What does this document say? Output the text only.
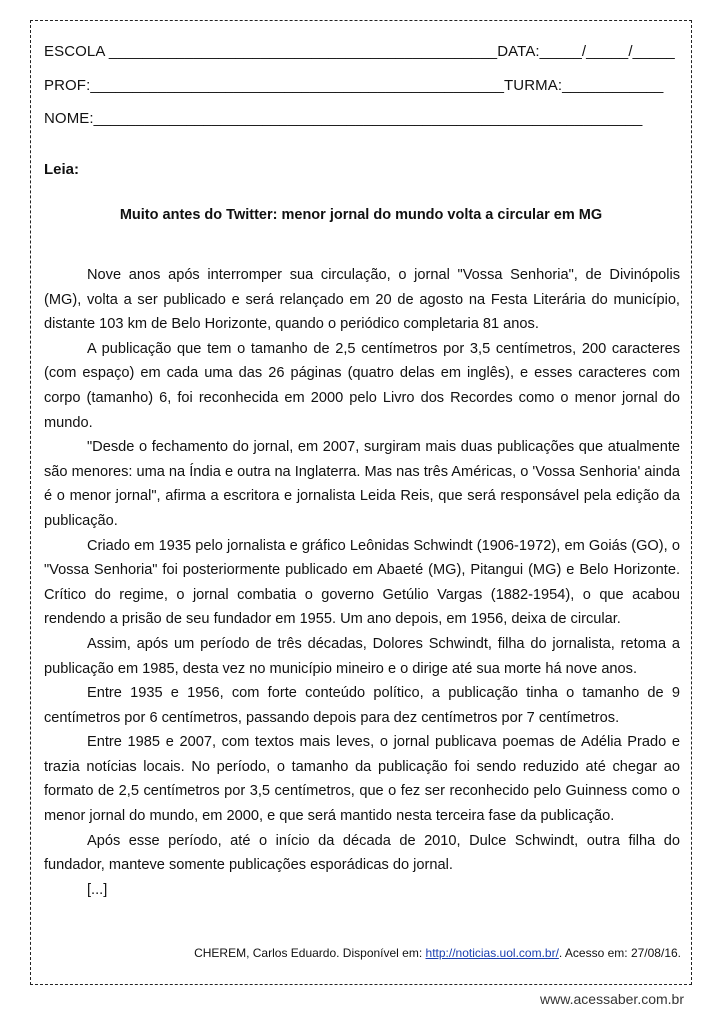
ESCOLA ______________________________________________DATA:_____/_____/_____
PROF:_________________________________________________TURMA:____________
NOME:_________________________________________________________________
Leia:
Muito antes do Twitter: menor jornal do mundo volta a circular em MG

Nove anos após interromper sua circulação, o jornal "Vossa Senhoria", de Divinópolis (MG), volta a ser publicado e será relançado em 20 de agosto na Festa Literária do município, distante 103 km de Belo Horizonte, quando o periódico completaria 81 anos.

A publicação que tem o tamanho de 2,5 centímetros por 3,5 centímetros, 200 caracteres (com espaço) em cada uma das 26 páginas (quatro delas em inglês), e esses caracteres com corpo (tamanho) 6, foi reconhecida em 2000 pelo Livro dos Recordes como o menor jornal do mundo.

"Desde o fechamento do jornal, em 2007, surgiram mais duas publicações que atualmente são menores: uma na Índia e outra na Inglaterra. Mas nas três Américas, o 'Vossa Senhoria' ainda é o menor jornal", afirma a escritora e jornalista Leida Reis, que será responsável pela edição da publicação.

Criado em 1935 pelo jornalista e gráfico Leônidas Schwindt (1906-1972), em Goiás (GO), o "Vossa Senhoria" foi posteriormente publicado em Abaeté (MG), Pitangui (MG) e Belo Horizonte. Crítico do regime, o jornal combatia o governo Getúlio Vargas (1882-1954), o que acabou rendendo a prisão de seu fundador em 1955. Um ano depois, em 1956, deixa de circular.

Assim, após um período de três décadas, Dolores Schwindt, filha do jornalista, retoma a publicação em 1985, desta vez no município mineiro e o dirige até sua morte há nove anos.

Entre 1935 e 1956, com forte conteúdo político, a publicação tinha o tamanho de 9 centímetros por 6 centímetros, passando depois para dez centímetros por 7 centímetros.

Entre 1985 e 2007, com textos mais leves, o jornal publicava poemas de Adélia Prado e trazia notícias locais. No período, o tamanho da publicação foi sendo reduzido até chegar ao formato de 2,5 centímetros por 3,5 centímetros, que o fez ser reconhecido pelo Guinness como o menor jornal do mundo, em 2000, e que será mantido nesta terceira fase da publicação.

Após esse período, até o início da década de 2010, Dulce Schwindt, outra filha do fundador, manteve somente publicações esporádicas do jornal.

[...]

CHEREM, Carlos Eduardo. Disponível em: http://noticias.uol.com.br/. Acesso em: 27/08/16.
www.acessaber.com.br
